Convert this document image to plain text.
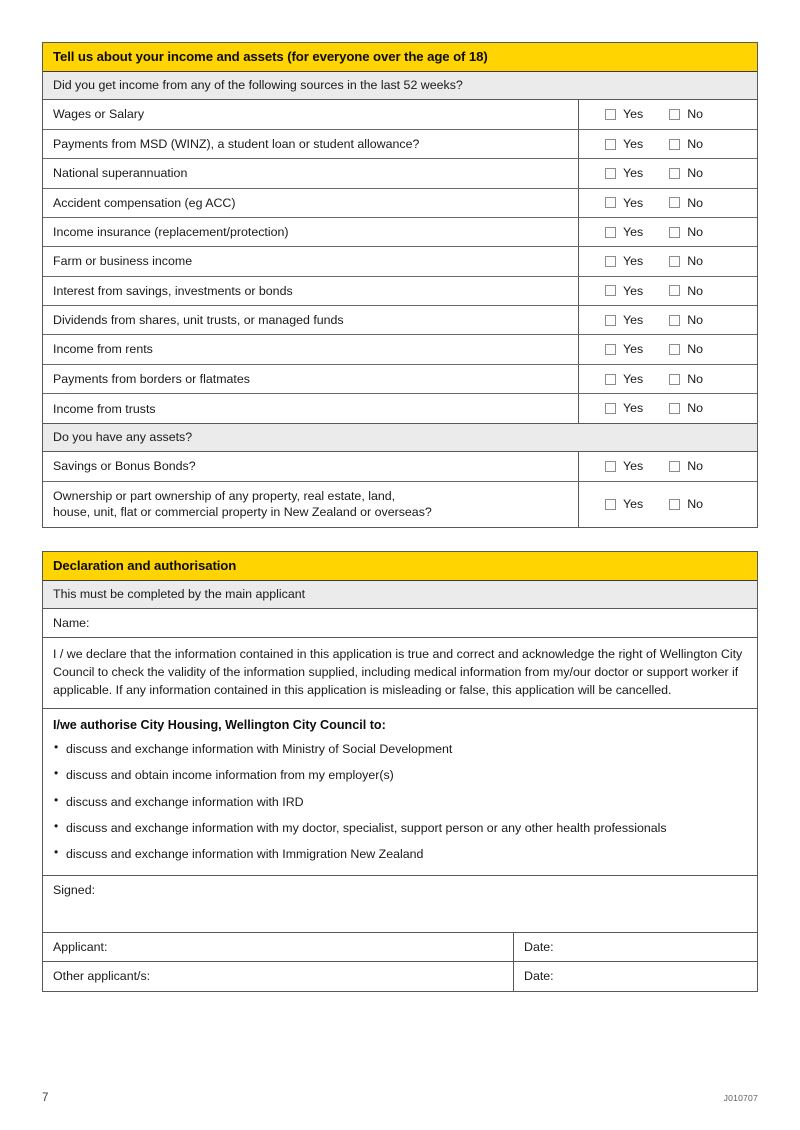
Tell us about your income and assets (for everyone over the age of 18)
Did you get income from any of the following sources in the last 52 weeks?
Wages or Salary	Yes	No
Payments from MSD (WINZ), a student loan or student allowance?	Yes	No
National superannuation	Yes	No
Accident compensation (eg ACC)	Yes	No
Income insurance (replacement/protection)	Yes	No
Farm or business income	Yes	No
Interest from savings, investments or bonds	Yes	No
Dividends from shares, unit trusts, or managed funds	Yes	No
Income from rents	Yes	No
Payments from borders or flatmates	Yes	No
Income from trusts	Yes	No
Do you have any assets?
Savings or Bonus Bonds?	Yes	No
Ownership or part ownership of any property, real estate, land,
house, unit, flat or commercial property in New Zealand or overseas?
Yes	No
Declaration and authorisation
This must be completed by the main applicant
Name:
I / we declare that the information contained in this application is true and correct and acknowledge the right of Wellington City Council to check the validity of the information supplied, including medical information from my/our doctor or support worker if applicable. If any information contained in this application is misleading or false, this application will be cancelled.
I/we authorise City Housing, Wellington City Council to:
• discuss and exchange information with Ministry of Social Development
• discuss and obtain income information from my employer(s)
• discuss and exchange information with IRD
• discuss and exchange information with my doctor, specialist, support person or any other health professionals
• discuss and exchange information with Immigration New Zealand
Signed:
Applicant:	Date:
Other applicant/s:	Date:
7	J010707
